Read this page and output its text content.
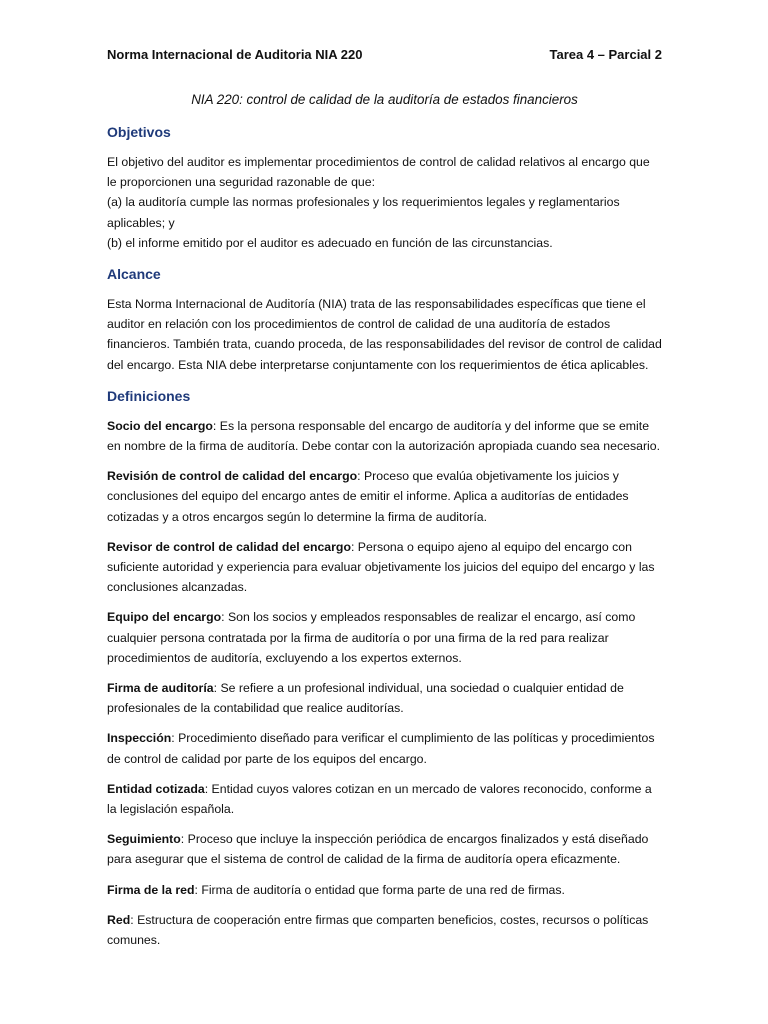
Norma Internacional de Auditoria NIA 220	Tarea 4 – Parcial 2
NIA 220: control de calidad de la auditoría de estados financieros
Objetivos

El objetivo del auditor es implementar procedimientos de control de calidad relativos al encargo que le proporcionen una seguridad razonable de que:
(a) la auditoría cumple las normas profesionales y los requerimientos legales y reglamentarios aplicables; y
(b) el informe emitido por el auditor es adecuado en función de las circunstancias.

Alcance

Esta Norma Internacional de Auditoría (NIA) trata de las responsabilidades específicas que tiene el auditor en relación con los procedimientos de control de calidad de una auditoría de estados financieros. También trata, cuando proceda, de las responsabilidades del revisor de control de calidad del encargo. Esta NIA debe interpretarse conjuntamente con los requerimientos de ética aplicables.

Definiciones

Socio del encargo: Es la persona responsable del encargo de auditoría y del informe que se emite en nombre de la firma de auditoría. Debe contar con la autorización apropiada cuando sea necesario.

Revisión de control de calidad del encargo: Proceso que evalúa objetivamente los juicios y conclusiones del equipo del encargo antes de emitir el informe. Aplica a auditorías de entidades cotizadas y a otros encargos según lo determine la firma de auditoría.

Revisor de control de calidad del encargo: Persona o equipo ajeno al equipo del encargo con suficiente autoridad y experiencia para evaluar objetivamente los juicios del equipo del encargo y las conclusiones alcanzadas.

Equipo del encargo: Son los socios y empleados responsables de realizar el encargo, así como cualquier persona contratada por la firma de auditoría o por una firma de la red para realizar procedimientos de auditoría, excluyendo a los expertos externos.

Firma de auditoría: Se refiere a un profesional individual, una sociedad o cualquier entidad de profesionales de la contabilidad que realice auditorías.

Inspección: Procedimiento diseñado para verificar el cumplimiento de las políticas y procedimientos de control de calidad por parte de los equipos del encargo.

Entidad cotizada: Entidad cuyos valores cotizan en un mercado de valores reconocido, conforme a la legislación española.

Seguimiento: Proceso que incluye la inspección periódica de encargos finalizados y está diseñado para asegurar que el sistema de control de calidad de la firma de auditoría opera eficazmente.

Firma de la red: Firma de auditoría o entidad que forma parte de una red de firmas.

Red: Estructura de cooperación entre firmas que comparten beneficios, costes, recursos o políticas comunes.
